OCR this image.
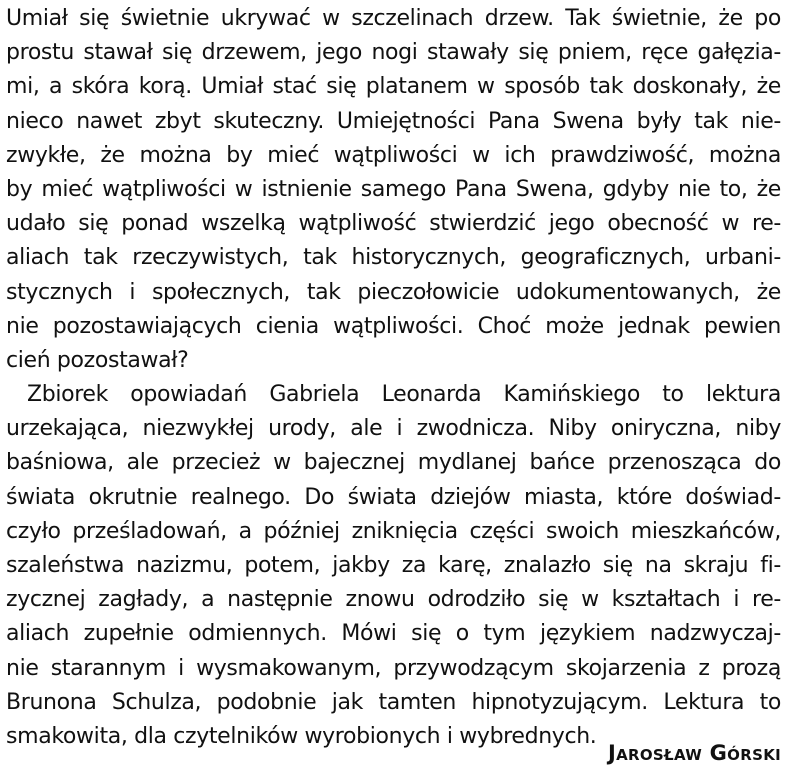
Umiał się świetnie ukrywać w szczelinach drzew. Tak świetnie, że po
prostu stawał się drzewem, jego nogi stawały się pniem, ręce gałęzia-
mi, a skóra korą. Umiał stać się platanem w sposób tak doskonały, że
nieco nawet zbyt skuteczny. Umiejętności Pana Swena były tak nie-
zwykłe, że można by mieć wątpliwości w ich prawdziwość, można
by mieć wątpliwości w istnienie samego Pana Swena, gdyby nie to, że
udało się ponad wszelką wątpliwość stwierdzić jego obecność w re-
aliach tak rzeczywistych, tak historycznych, geograficznych, urbani-
stycznych i społecznych, tak pieczołowicie udokumentowanych, że
nie pozostawiających cienia wątpliwości. Choć może jednak pewien
cień pozostawał?
Zbiorek opowiadań Gabriela Leonarda Kamińskiego to lektura
urzekająca, niezwykłej urody, ale i zwodnicza. Niby oniryczna, niby
baśniowa, ale przecież w bajecznej mydlanej bańce przenosząca do
świata okrutnie realnego. Do świata dziejów miasta, które doświad-
czyło prześladowań, a później zniknięcia części swoich mieszkańców,
szaleństwa nazizmu, potem, jakby za karę, znalazło się na skraju fi-
zycznej zagłady, a następnie znowu odrodziło się w kształtach i re-
aliach zupełnie odmiennych. Mówi się o tym językiem nadzwyczaj-
nie starannym i wysmakowanym, przywodzącym skojarzenia z prozą
Brunona Schulza, podobnie jak tamten hipnotyzującym. Lektura to
smakowita, dla czytelników wyrobionych i wybrednych.
Jarosław Górski
